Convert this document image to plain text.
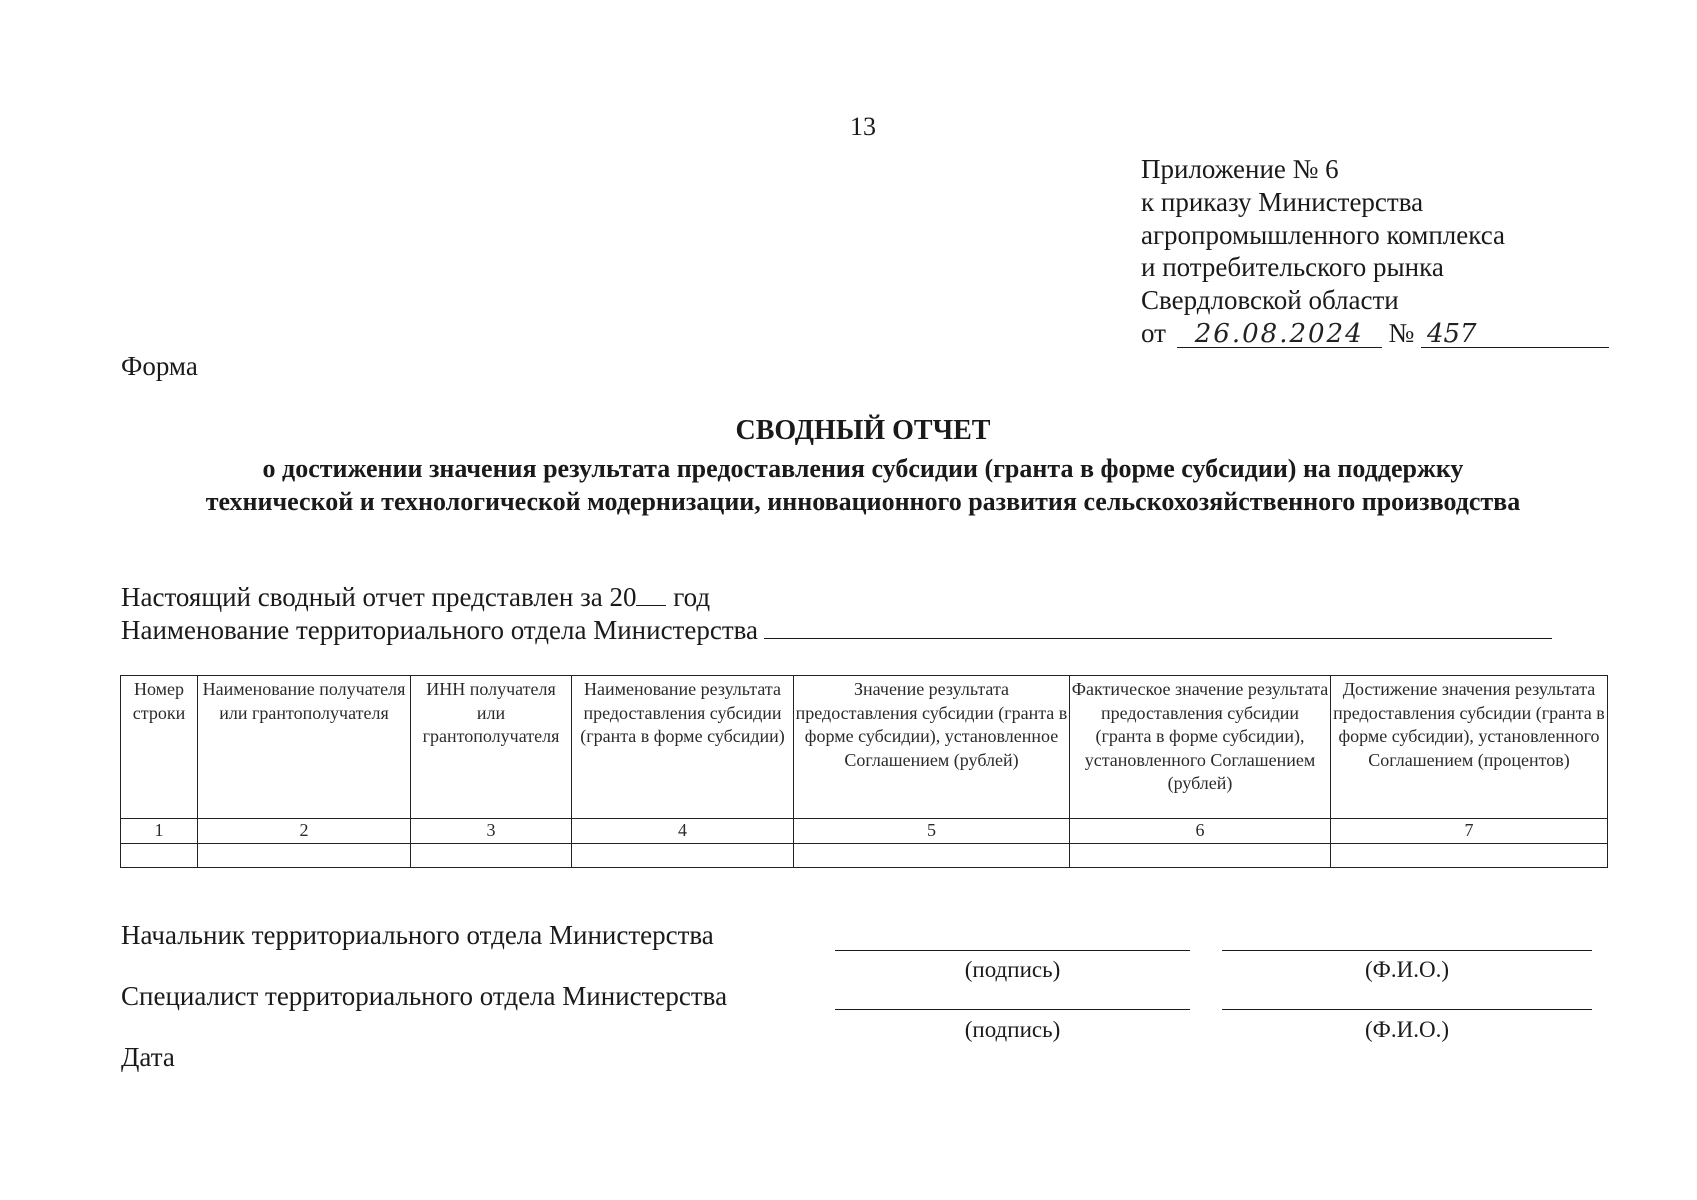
13
Приложение № 6
к приказу Министерства
агропромышленного комплекса
и потребительского рынка
Свердловской области
от 26.08.2024 № 457
Форма
СВОДНЫЙ ОТЧЕТ
о достижении значения результата предоставления субсидии (гранта в форме субсидии) на поддержку
технической и технологической модернизации, инновационного развития сельскохозяйственного производства
Настоящий сводный отчет представлен за 20 год
Наименование территориального отдела Министерства
Номер строки	Наименование получателя или грантополучателя	ИНН получателя или грантополучателя	Наименование результата предоставления субсидии (гранта в форме субсидии)	Значение результата предоставления субсидии (гранта в форме субсидии), установленное Соглашением (рублей)	Фактическое значение результата предоставления субсидии (гранта в форме субсидии), установленного Соглашением (рублей)	Достижение значения результата предоставления субсидии (гранта в форме субсидии), установленного Соглашением (процентов)
1	2	3	4	5	6	7

Начальник территориального отдела Министерства
(подпись)	(Ф.И.О.)
Специалист территориального отдела Министерства
(подпись)	(Ф.И.О.)
Дата
